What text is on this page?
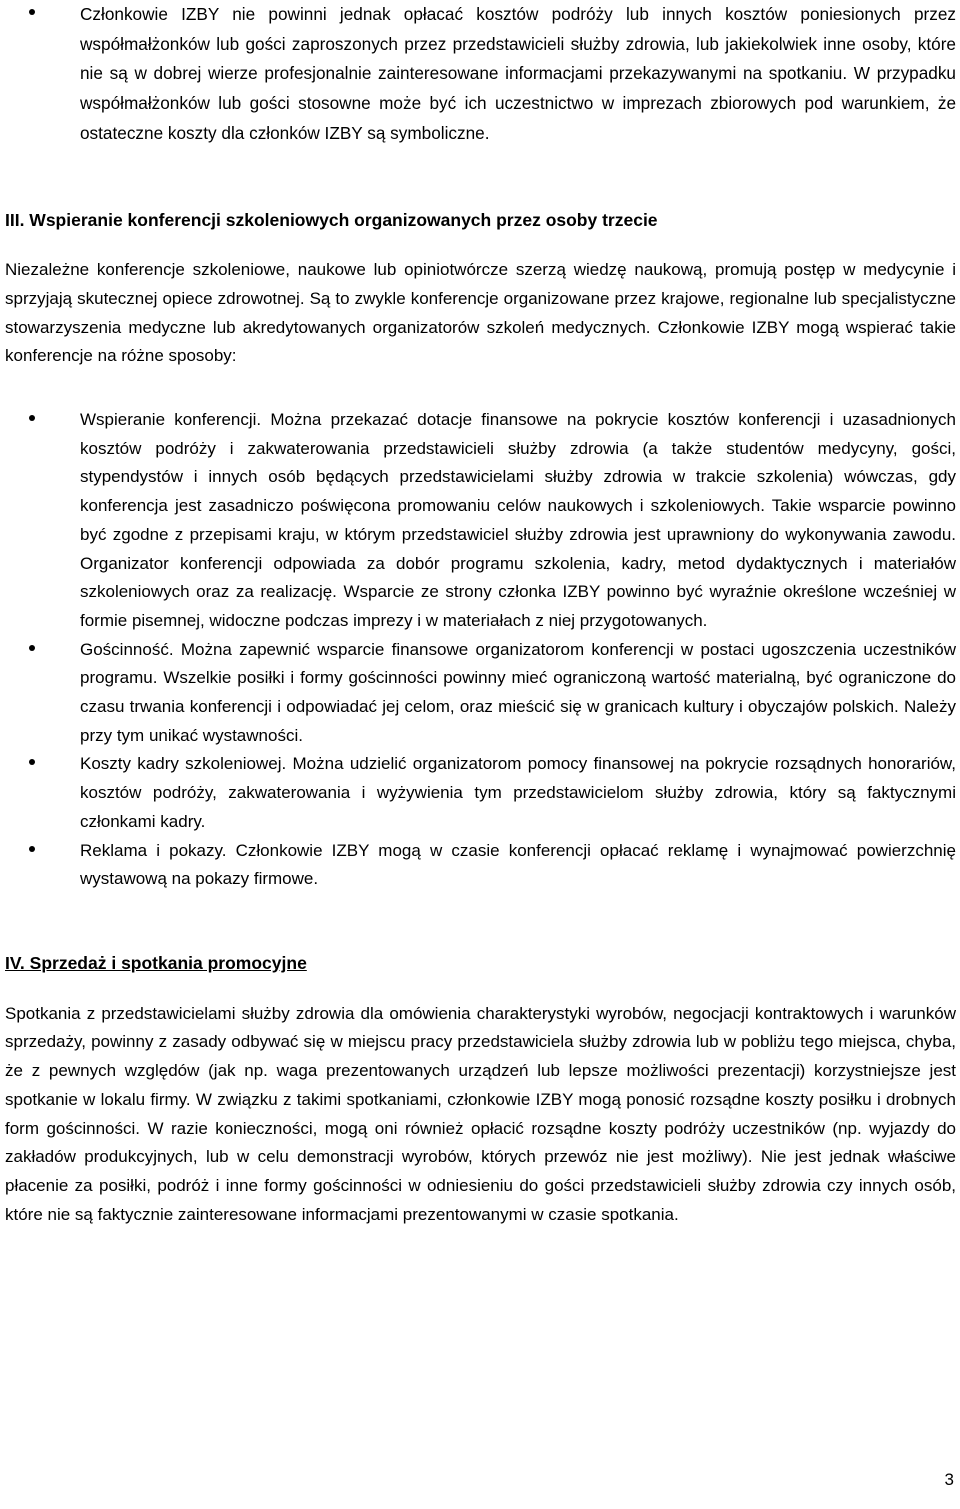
Członkowie IZBY nie powinni jednak opłacać kosztów podróży lub innych kosztów poniesionych przez współmałżonków lub gości zaproszonych przez przedstawicieli służby zdrowia, lub jakiekolwiek inne osoby, które nie są w dobrej wierze profesjonalnie zainteresowane informacjami przekazywanymi na spotkaniu. W przypadku współmałżonków lub gości stosowne może być ich uczestnictwo w imprezach zbiorowych pod warunkiem, że ostateczne koszty dla członków IZBY są symboliczne.
III. Wspieranie konferencji szkoleniowych organizowanych przez osoby trzecie

Niezależne konferencje szkoleniowe, naukowe lub opiniotwórcze szerzą wiedzę naukową, promują postęp w medycynie i sprzyjają skutecznej opiece zdrowotnej. Są to zwykle konferencje organizowane przez krajowe, regionalne lub specjalistyczne stowarzyszenia medyczne lub akredytowanych organizatorów szkoleń medycznych. Członkowie IZBY mogą wspierać takie konferencje na różne sposoby:

Wspieranie konferencji. Można przekazać dotacje finansowe na pokrycie kosztów konferencji i uzasadnionych kosztów podróży i zakwaterowania przedstawicieli służby zdrowia (a także studentów medycyny, gości, stypendystów i innych osób będących przedstawicielami służby zdrowia w trakcie szkolenia) wówczas, gdy konferencja jest zasadniczo poświęcona promowaniu celów naukowych i szkoleniowych. Takie wsparcie powinno być zgodne z przepisami kraju, w którym przedstawiciel służby zdrowia jest uprawniony do wykonywania zawodu. Organizator konferencji odpowiada za dobór programu szkolenia, kadry, metod dydaktycznych i materiałów szkoleniowych oraz za realizację. Wsparcie ze strony członka IZBY powinno być wyraźnie określone wcześniej w formie pisemnej, widoczne podczas imprezy i w materiałach z niej przygotowanych.
Gościnność. Można zapewnić wsparcie finansowe organizatorom konferencji w postaci ugoszczenia uczestników programu. Wszelkie posiłki i formy gościnności powinny mieć ograniczoną wartość materialną, być ograniczone do czasu trwania konferencji i odpowiadać jej celom, oraz mieścić się w granicach kultury i obyczajów polskich. Należy przy tym unikać wystawności.
Koszty kadry szkoleniowej. Można udzielić organizatorom pomocy finansowej na pokrycie rozsądnych honorariów, kosztów podróży, zakwaterowania i wyżywienia tym przedstawicielom służby zdrowia, który są faktycznymi członkami kadry.
Reklama i pokazy. Członkowie IZBY mogą w czasie konferencji opłacać reklamę i wynajmować powierzchnię wystawową na pokazy firmowe.
IV. Sprzedaż i spotkania promocyjne

Spotkania z przedstawicielami służby zdrowia dla omówienia charakterystyki wyrobów, negocjacji kontraktowych i warunków sprzedaży, powinny z zasady odbywać się w miejscu pracy przedstawiciela służby zdrowia lub w pobliżu tego miejsca, chyba, że z pewnych względów (jak np. waga prezentowanych urządzeń lub lepsze możliwości prezentacji) korzystniejsze jest spotkanie w lokalu firmy. W związku z takimi spotkaniami, członkowie IZBY mogą ponosić rozsądne koszty posiłku i drobnych form gościnności. W razie konieczności, mogą oni również opłacić rozsądne koszty podróży uczestników (np. wyjazdy do zakładów produkcyjnych, lub w celu demonstracji wyrobów, których przewóz nie jest możliwy). Nie jest jednak właściwe płacenie za posiłki, podróż i inne formy gościnności w odniesieniu do gości przedstawicieli służby zdrowia czy innych osób, które nie są faktycznie zainteresowane informacjami prezentowanymi w czasie spotkania.

3
